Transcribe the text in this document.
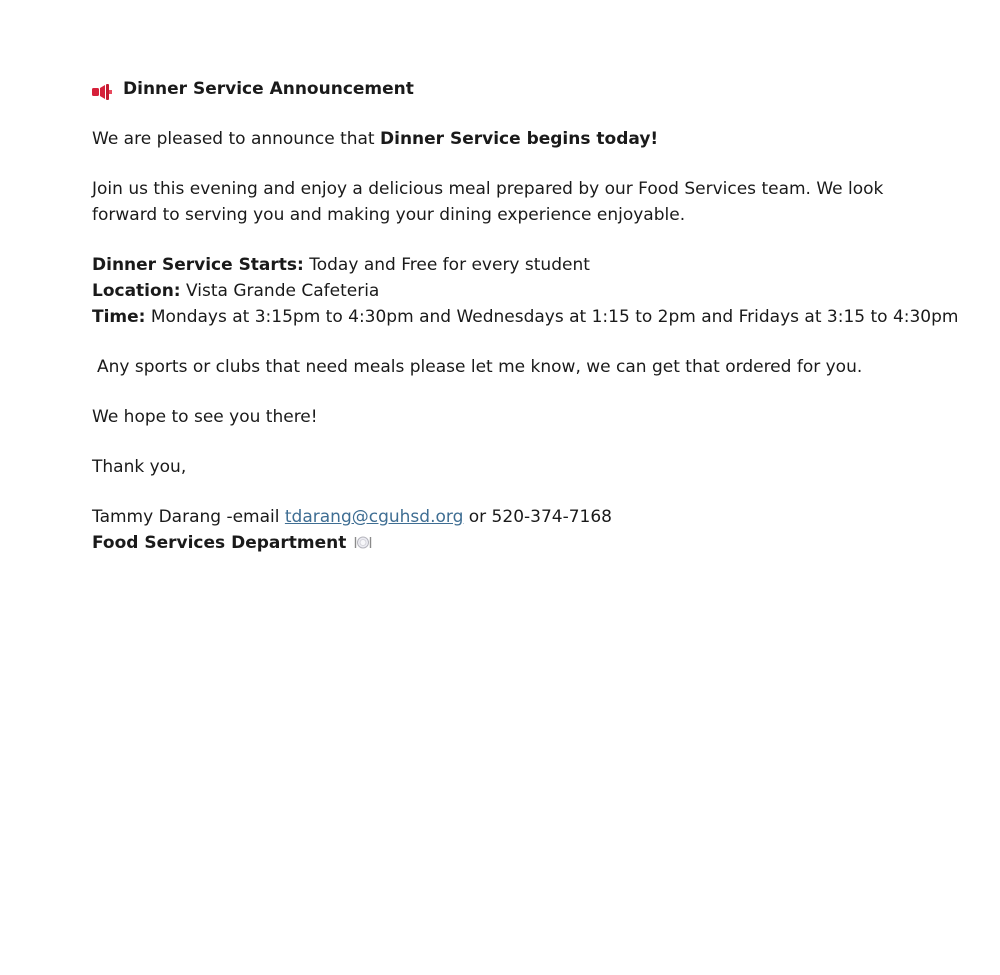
Dinner Service Announcement

We are pleased to announce that Dinner Service begins today!

Join us this evening and enjoy a delicious meal prepared by our Food Services team. We look
forward to serving you and making your dining experience enjoyable.

Dinner Service Starts: Today and Free for every student
Location: Vista Grande Cafeteria
Time: Mondays at 3:15pm to 4:30pm and Wednesdays at 1:15 to 2pm and Fridays at 3:15 to 4:30pm

Any sports or clubs that need meals please let me know, we can get that ordered for you.

We hope to see you there!

Thank you,

Tammy Darang -email tdarang@cguhsd.org or 520-374-7168
Food Services Department
